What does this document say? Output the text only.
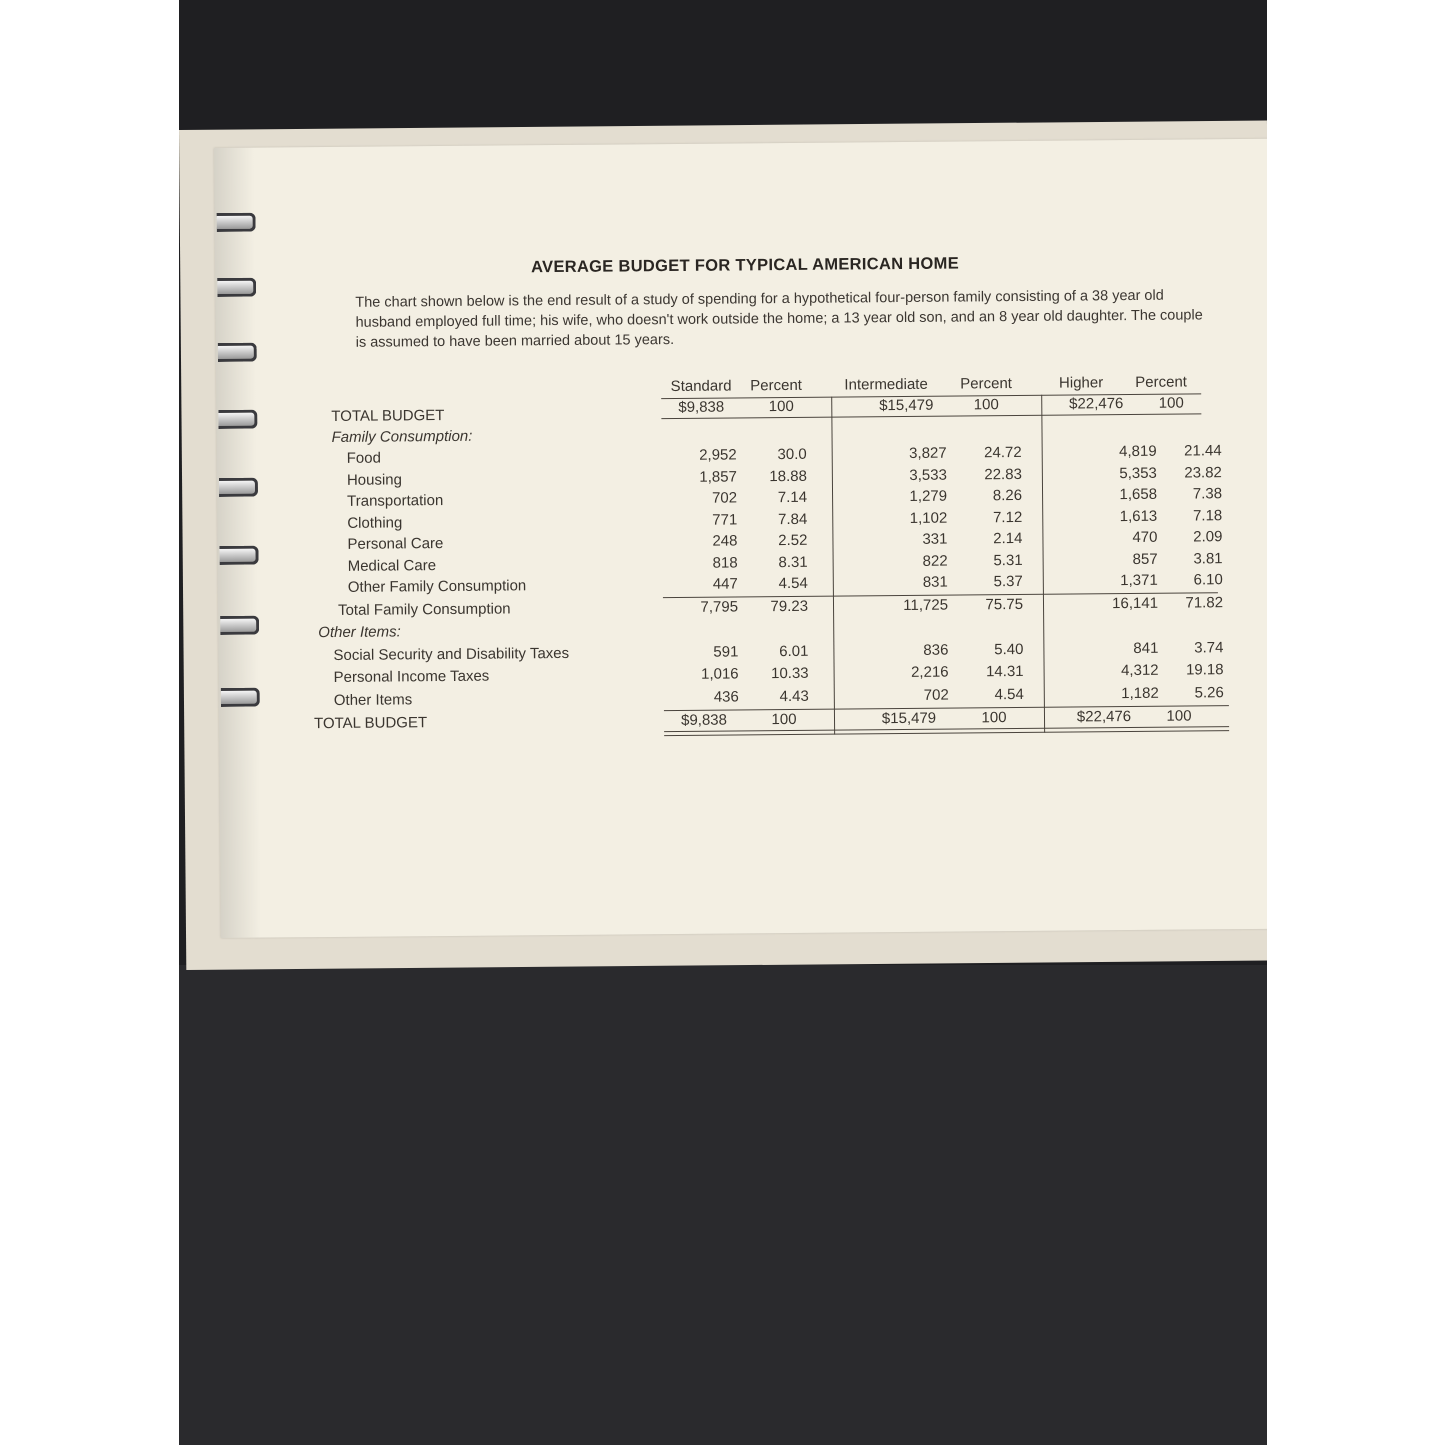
AVERAGE BUDGET FOR TYPICAL AMERICAN HOME
The chart shown below is the end result of a study of spending for a hypothetical four-person family consisting of a 38 year old husband employed full time; his wife, who doesn't work outside the home; a 13 year old son, and an 8 year old daughter. The couple is assumed to have been married about 15 years.
Standard	Percent	Intermediate	Percent	Higher	Percent
TOTAL BUDGET	$9,838	100	$15,479	100	$22,476	100
Family Consumption:
Food	2,952	30.0	3,827	24.72	4,819	21.44
Housing	1,857	18.88	3,533	22.83	5,353	23.82
Transportation	702	7.14	1,279	8.26	1,658	7.38
Clothing	771	7.84	1,102	7.12	1,613	7.18
Personal Care	248	2.52	331	2.14	470	2.09
Medical Care	818	8.31	822	5.31	857	3.81
Other Family Consumption	447	4.54	831	5.37	1,371	6.10
Total Family Consumption	7,795	79.23	11,725	75.75	16,141	71.82
Other Items:
Social Security and Disability Taxes	591	6.01	836	5.40	841	3.74
Personal Income Taxes	1,016	10.33	2,216	14.31	4,312	19.18
Other Items	436	4.43	702	4.54	1,182	5.26
TOTAL BUDGET	$9,838	100	$15,479	100	$22,476	100
